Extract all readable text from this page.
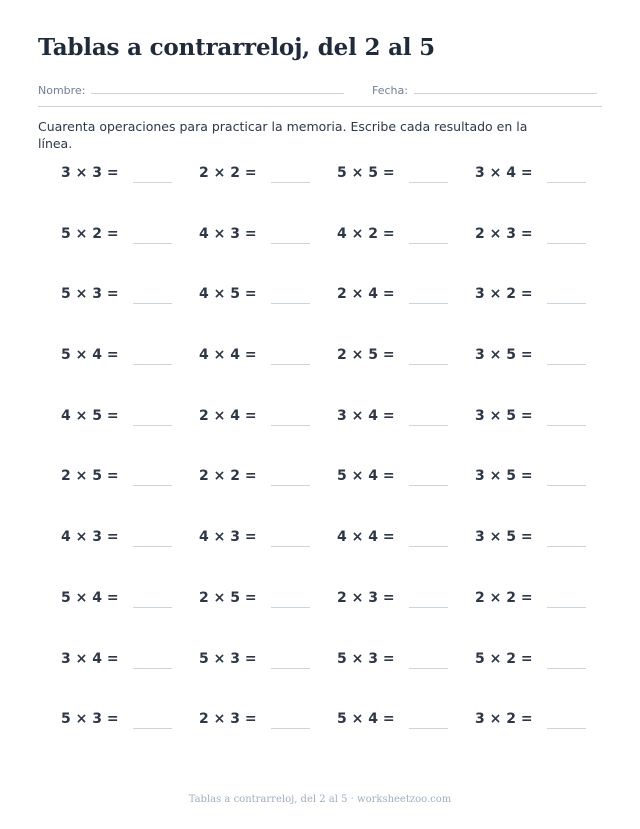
Tablas a contrarreloj, del 2 al 5
Nombre:	Fecha:

Cuarenta operaciones para practicar la memoria. Escribe cada resultado en la línea.

3 × 3 =	2 × 2 =	5 × 5 =	3 × 4 =
5 × 2 =	4 × 3 =	4 × 2 =	2 × 3 =
5 × 3 =	4 × 5 =	2 × 4 =	3 × 2 =
5 × 4 =	4 × 4 =	2 × 5 =	3 × 5 =
4 × 5 =	2 × 4 =	3 × 4 =	3 × 5 =
2 × 5 =	2 × 2 =	5 × 4 =	3 × 5 =
4 × 3 =	4 × 3 =	4 × 4 =	3 × 5 =
5 × 4 =	2 × 5 =	2 × 3 =	2 × 2 =
3 × 4 =	5 × 3 =	5 × 3 =	5 × 2 =
5 × 3 =	2 × 3 =	5 × 4 =	3 × 2 =
Tablas a contrarreloj, del 2 al 5 · worksheetzoo.com
